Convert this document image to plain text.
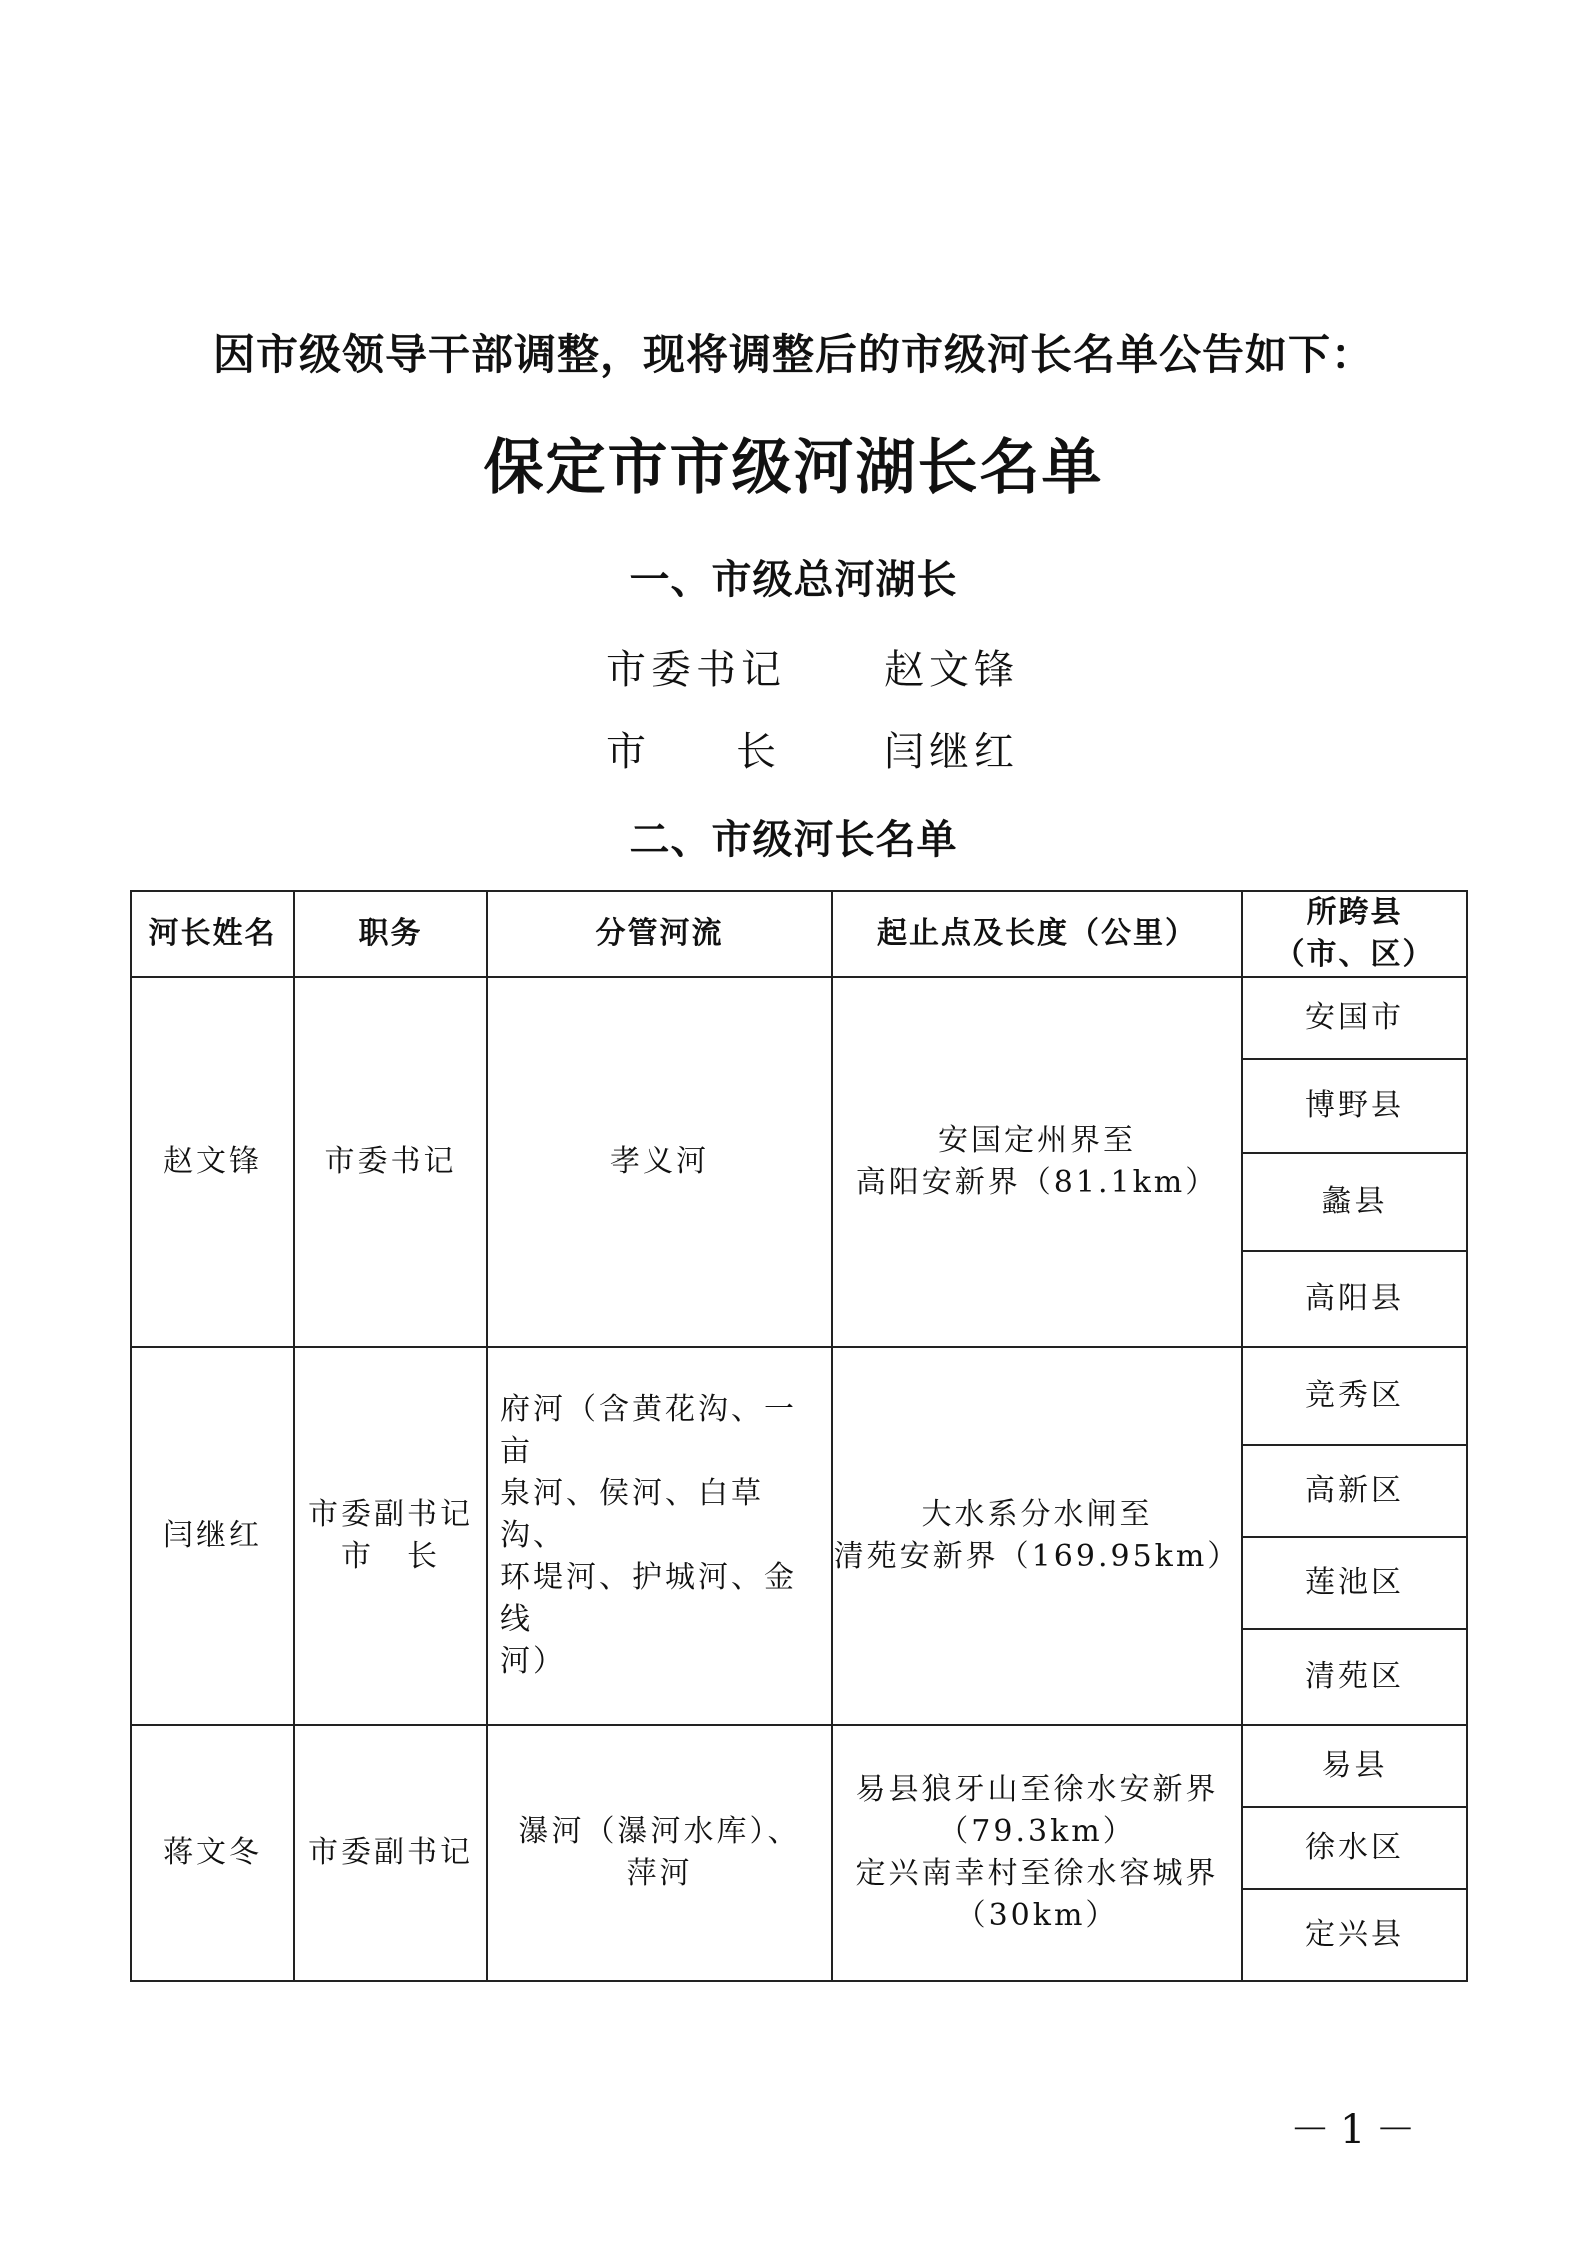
因市级领导干部调整，现将调整后的市级河长名单公告如下：
保定市市级河湖长名单
一、市级总河湖长
市委书记 赵文锋
市 长	闫继红
二、市级河长名单
河长姓名	职务	分管河流	起止点及长度（公里）	所跨县
（市、区）

赵文锋	市委书记	孝义河	安国定州界至
高阳安新界（81.1km）	安国市
				博野县
				蠡县
				高阳县
闫继红	市委副书记
市　长	府河（含黄花沟、一亩
泉河、侯河、白草沟、
环堤河、护城河、金线
河）	大水系分水闸至
清苑安新界（169.95km）	竞秀区
				高新区
				莲池区
				清苑区
蒋文冬	市委副书记	瀑河（瀑河水库）、
萍河	易县狼牙山至徐水安新界
（79.3km）
定兴南幸村至徐水容城界
（30km）	易县
				徐水区
				定兴县
－1－
